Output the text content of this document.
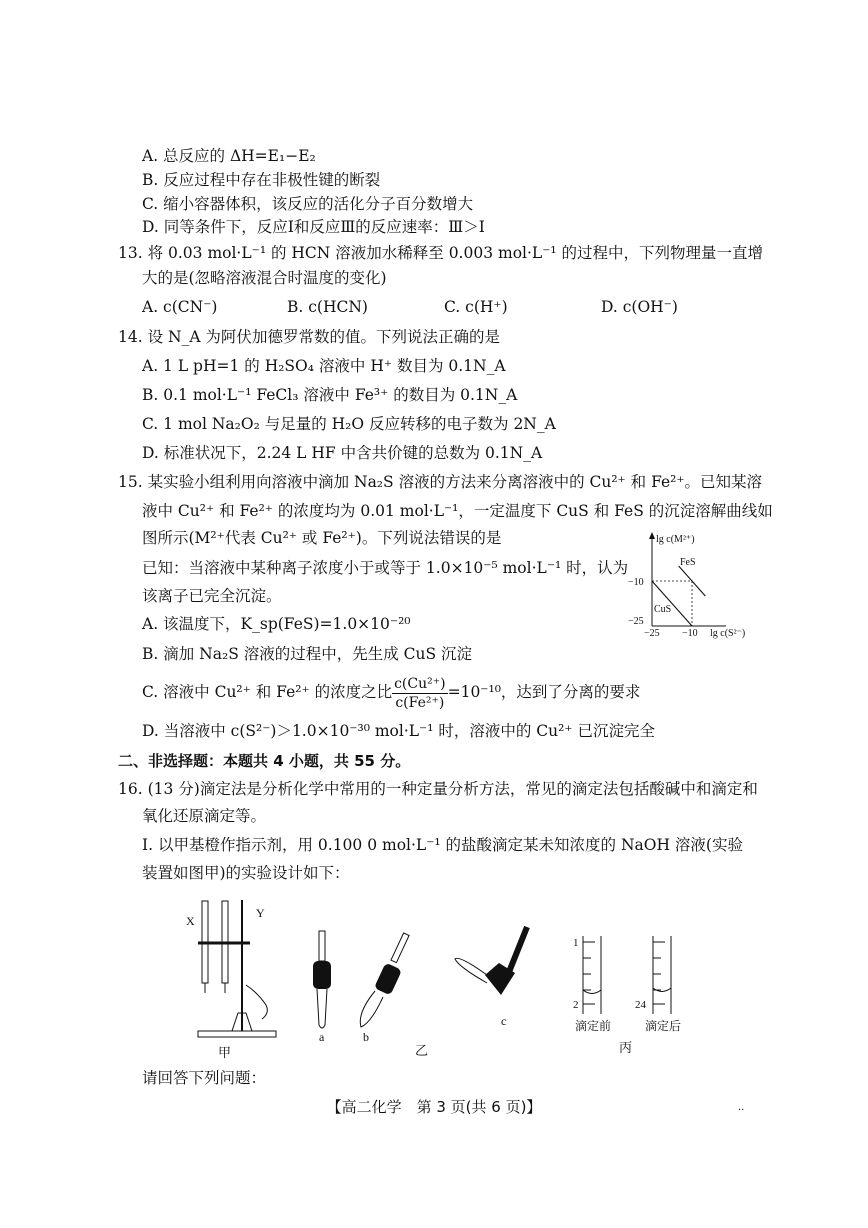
A. 总反应的 ΔH=E₁−E₂
B. 反应过程中存在非极性键的断裂
C. 缩小容器体积，该反应的活化分子百分数增大
D. 同等条件下，反应Ⅰ和反应Ⅲ的反应速率：Ⅲ＞Ⅰ
13. 将 0.03 mol·L⁻¹ 的 HCN 溶液加水稀释至 0.003 mol·L⁻¹ 的过程中，下列物理量一直增
大的是(忽略溶液混合时温度的变化)
A. c(CN⁻)	B. c(HCN)	C. c(H⁺)	D. c(OH⁻)
14. 设 N_A 为阿伏加德罗常数的值。下列说法正确的是
A. 1 L pH=1 的 H₂SO₄ 溶液中 H⁺ 数目为 0.1N_A
B. 0.1 mol·L⁻¹ FeCl₃ 溶液中 Fe³⁺ 的数目为 0.1N_A
C. 1 mol Na₂O₂ 与足量的 H₂O 反应转移的电子数为 2N_A
D. 标准状况下，2.24 L HF 中含共价键的总数为 0.1N_A
15. 某实验小组利用向溶液中滴加 Na₂S 溶液的方法来分离溶液中的 Cu²⁺ 和 Fe²⁺。已知某溶
液中 Cu²⁺ 和 Fe²⁺ 的浓度均为 0.01 mol·L⁻¹，一定温度下 CuS 和 FeS 的沉淀溶解曲线如
图所示(M²⁺代表 Cu²⁺ 或 Fe²⁺)。下列说法错误的是
已知：当溶液中某种离子浓度小于或等于 1.0×10⁻⁵ mol·L⁻¹ 时，认为
该离子已完全沉淀。
A. 该温度下，K_sp(FeS)=1.0×10⁻²⁰
B. 滴加 Na₂S 溶液的过程中，先生成 CuS 沉淀
C. 溶液中 Cu²⁺ 和 Fe²⁺ 的浓度之比 $\frac{\text{c(Cu²⁺)}}{\text{c(Fe²⁺)}} =10^{-10}$，达到了分离的要求
D. 当溶液中 c(S²⁻)＞1.0×10⁻³⁰ mol·L⁻¹ 时，溶液中的 Cu²⁺ 已沉淀完全
lg c(M²⁺)
lg c(S²⁻)
−10
−25
−25 −10
FeS
CuS
二、非选择题：本题共 4 小题，共 55 分。
16. (13 分)滴定法是分析化学中常用的一种定量分析方法，常见的滴定法包括酸碱中和滴定和
氧化还原滴定等。
Ⅰ. 以甲基橙作指示剂，用 0.100 0 mol·L⁻¹ 的盐酸滴定某未知浓度的 NaOH 溶液(实验
装置如图甲)的实验设计如下：
X
Y
甲
a	b
c
乙
1
2
滴定前
24
滴定后
丙
请回答下列问题：
【高二化学　第 3 页(共 6 页)】	··
